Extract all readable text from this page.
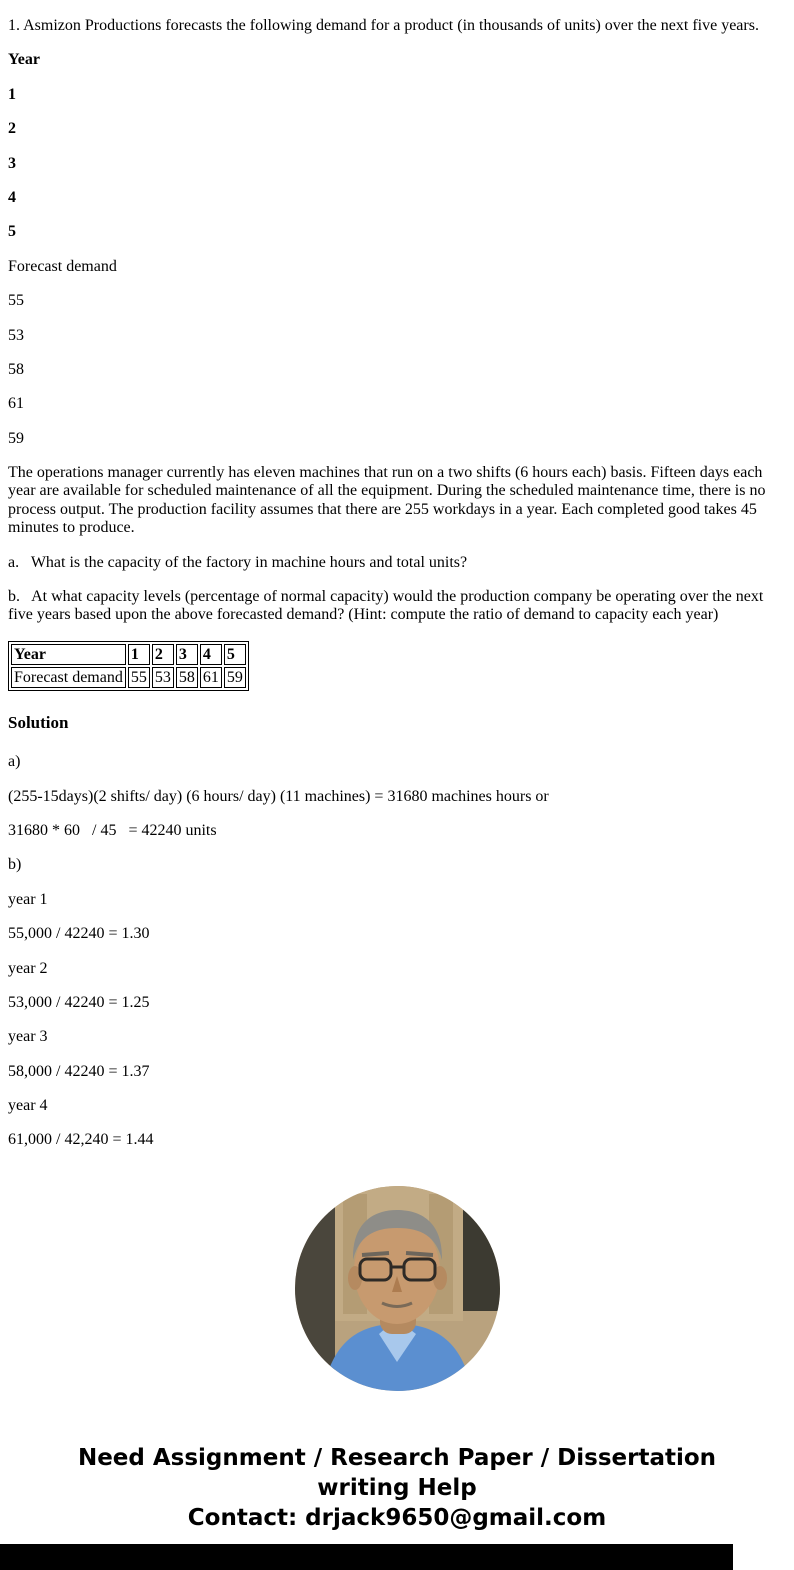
1. Asmizon Productions forecasts the following demand for a product (in thousands of units) over the next five years.

Year

1

2

3

4

5

Forecast demand

55

53

58

61

59

The operations manager currently has eleven machines that run on a two shifts (6 hours each) basis. Fifteen days each year are available for scheduled maintenance of all the equipment. During the scheduled maintenance time, there is no process output. The production facility assumes that there are 255 workdays in a year. Each completed good takes 45 minutes to produce.

a.   What is the capacity of the factory in machine hours and total units?

b.   At what capacity levels (percentage of normal capacity) would the production company be operating over the next five years based upon the above forecasted demand? (Hint: compute the ratio of demand to capacity each year)

Year	1	2	3	4	5
Forecast demand	55	53	58	61	59
Solution

a)

(255-15days)(2 shifts/ day) (6 hours/ day) (11 machines) = 31680 machines hours or

31680 * 60   / 45   = 42240 units

b)

year 1

55,000 / 42240 = 1.30

year 2

53,000 / 42240 = 1.25

year 3

58,000 / 42240 = 1.37

year 4

61,000 / 42,240 = 1.44

Need Assignment / Research Paper / Dissertation
writing Help
Contact: drjack9650@gmail.com
